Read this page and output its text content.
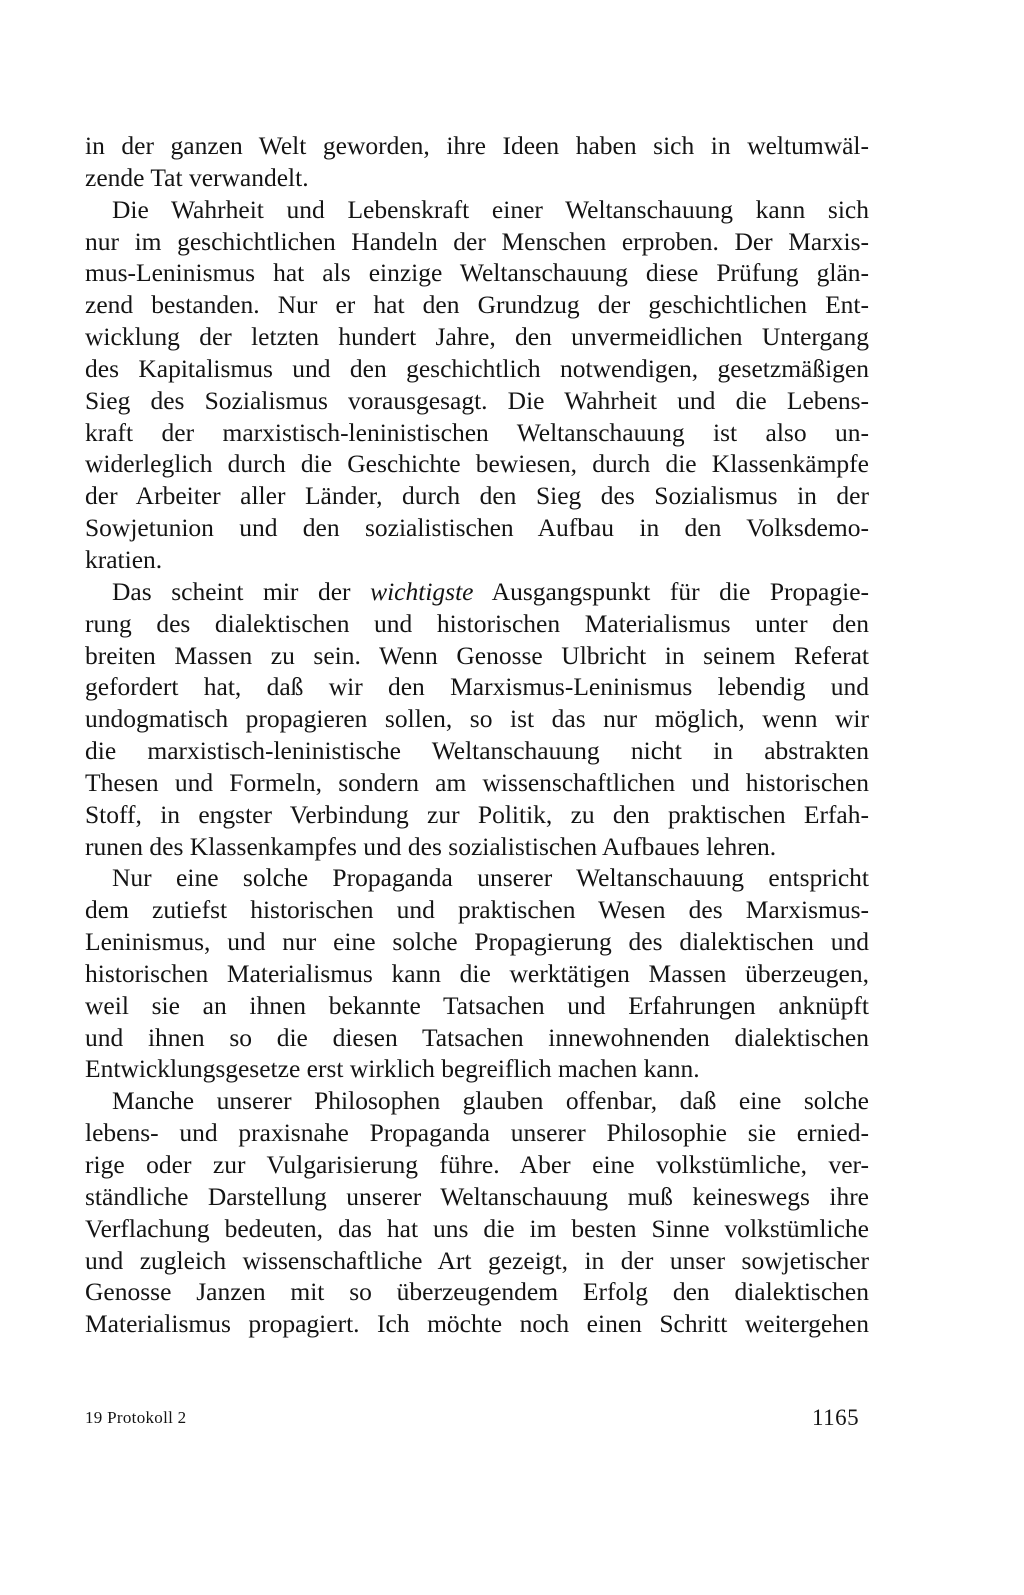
in der ganzen Welt geworden, ihre Ideen haben sich in weltumwäl-
zende Tat verwandelt.
Die Wahrheit und Lebenskraft einer Weltanschauung kann sich
nur im geschichtlichen Handeln der Menschen erproben. Der Marxis-
mus-Leninismus hat als einzige Weltanschauung diese Prüfung glän-
zend bestanden. Nur er hat den Grundzug der geschichtlichen Ent-
wicklung der letzten hundert Jahre, den unvermeidlichen Untergang
des Kapitalismus und den geschichtlich notwendigen, gesetzmäßigen
Sieg des Sozialismus vorausgesagt. Die Wahrheit und die Lebens-
kraft der marxistisch-leninistischen Weltanschauung ist also un-
widerleglich durch die Geschichte bewiesen, durch die Klassenkämpfe
der Arbeiter aller Länder, durch den Sieg des Sozialismus in der
Sowjetunion und den sozialistischen Aufbau in den Volksdemo-
kratien.
Das scheint mir der wichtigste Ausgangspunkt für die Propagie-
rung des dialektischen und historischen Materialismus unter den
breiten Massen zu sein. Wenn Genosse Ulbricht in seinem Referat
gefordert hat, daß wir den Marxismus-Leninismus lebendig und
undogmatisch propagieren sollen, so ist das nur möglich, wenn wir
die marxistisch-leninistische Weltanschauung nicht in abstrakten
Thesen und Formeln, sondern am wissenschaftlichen und historischen
Stoff, in engster Verbindung zur Politik, zu den praktischen Erfah-
runen des Klassenkampfes und des sozialistischen Aufbaues lehren.
Nur eine solche Propaganda unserer Weltanschauung entspricht
dem zutiefst historischen und praktischen Wesen des Marxismus-
Leninismus, und nur eine solche Propagierung des dialektischen und
historischen Materialismus kann die werktätigen Massen überzeugen,
weil sie an ihnen bekannte Tatsachen und Erfahrungen anknüpft
und ihnen so die diesen Tatsachen innewohnenden dialektischen
Entwicklungsgesetze erst wirklich begreiflich machen kann.
Manche unserer Philosophen glauben offenbar, daß eine solche
lebens- und praxisnahe Propaganda unserer Philosophie sie ernied-
rige oder zur Vulgarisierung führe. Aber eine volkstümliche, ver-
ständliche Darstellung unserer Weltanschauung muß keineswegs ihre
Verflachung bedeuten, das hat uns die im besten Sinne volkstümliche
und zugleich wissenschaftliche Art gezeigt, in der unser sowjetischer
Genosse Janzen mit so überzeugendem Erfolg den dialektischen
Materialismus propagiert. Ich möchte noch einen Schritt weitergehen
19 Protokoll 2	1165
